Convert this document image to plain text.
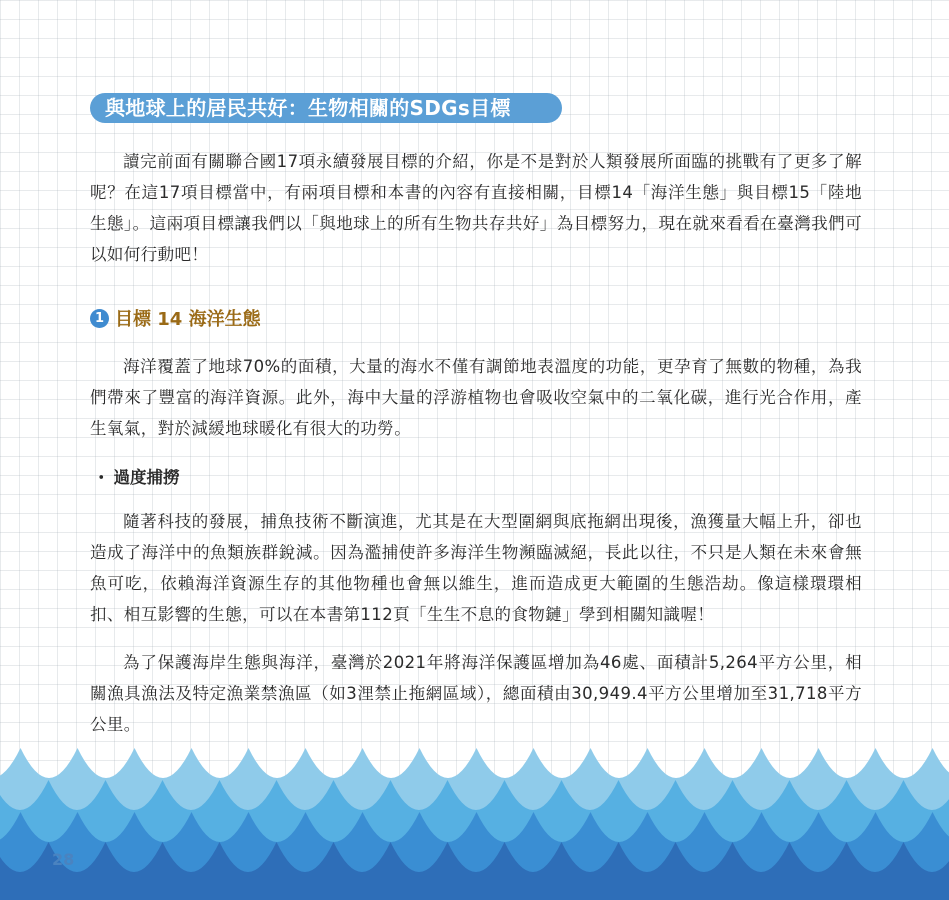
與地球上的居民共好：生物相關的SDGs目標

讀完前面有關聯合國17項永續發展目標的介紹，你是不是對於人類發展所面臨的挑戰有了更多了解呢？在這17項目標當中，有兩項目標和本書的內容有直接相關，目標14「海洋生態」與目標15「陸地生態」。這兩項目標讓我們以「與地球上的所有生物共存共好」為目標努力，現在就來看看在臺灣我們可以如何行動吧！

1 目標 14 海洋生態

海洋覆蓋了地球70%的面積，大量的海水不僅有調節地表溫度的功能，更孕育了無數的物種，為我們帶來了豐富的海洋資源。此外，海中大量的浮游植物也會吸收空氣中的二氧化碳，進行光合作用，產生氧氣，對於減緩地球暖化有很大的功勞。

・ 過度捕撈

隨著科技的發展，捕魚技術不斷演進，尤其是在大型圍網與底拖網出現後，漁獲量大幅上升，卻也造成了海洋中的魚類族群銳減。因為濫捕使許多海洋生物瀕臨滅絕，長此以往，不只是人類在未來會無魚可吃，依賴海洋資源生存的其他物種也會無以維生，進而造成更大範圍的生態浩劫。像這樣環環相扣、相互影響的生態，可以在本書第112頁「生生不息的食物鏈」學到相關知識喔！

為了保護海岸生態與海洋，臺灣於2021年將海洋保護區增加為46處、面積計5,264平方公里，相關漁具漁法及特定漁業禁漁區（如3浬禁止拖網區域），總面積由30,949.4平方公里增加至31,718平方公里。

28
